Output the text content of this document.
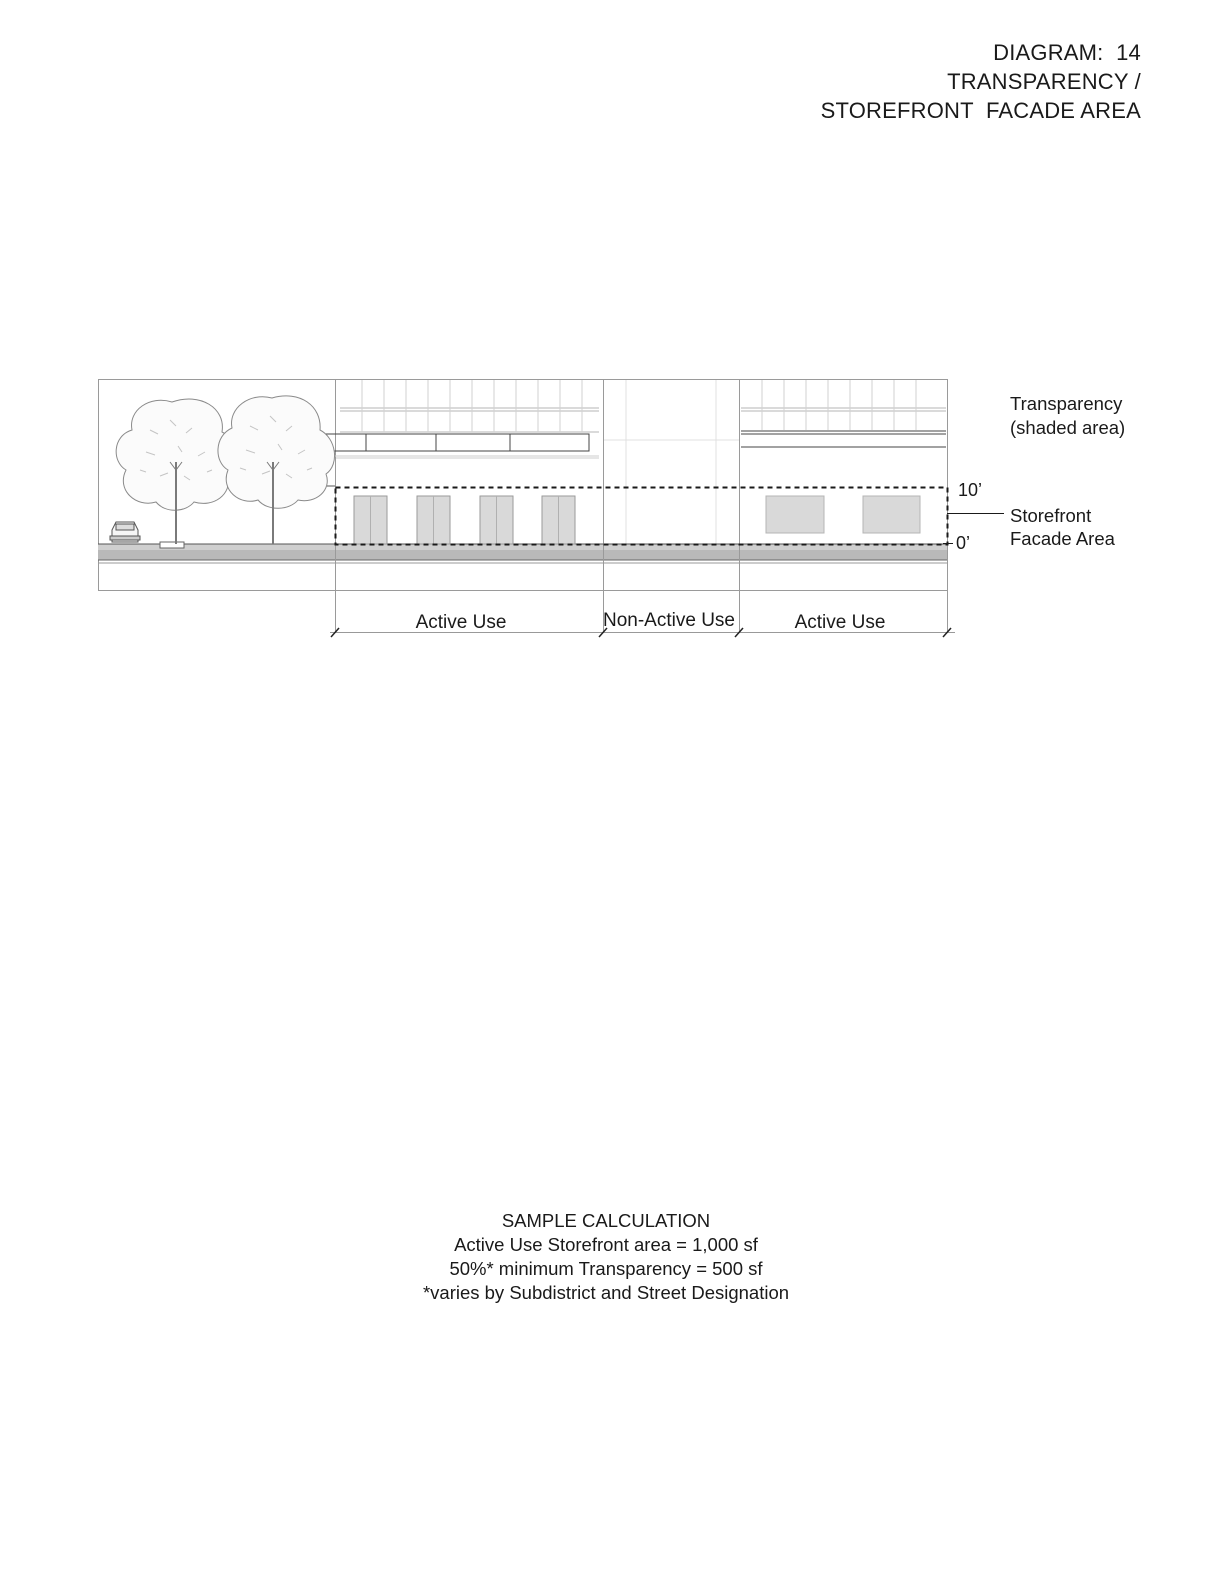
DIAGRAM:  14
TRANSPARENCY /
STOREFRONT  FACADE AREA
10’
0’
Transparency
(shaded area)
Storefront
Facade Area
Active Use	Non-Active Use	Active Use
SAMPLE CALCULATION
Active Use Storefront area = 1,000 sf
50%* minimum Transparency = 500 sf
*varies by Subdistrict and Street Designation
